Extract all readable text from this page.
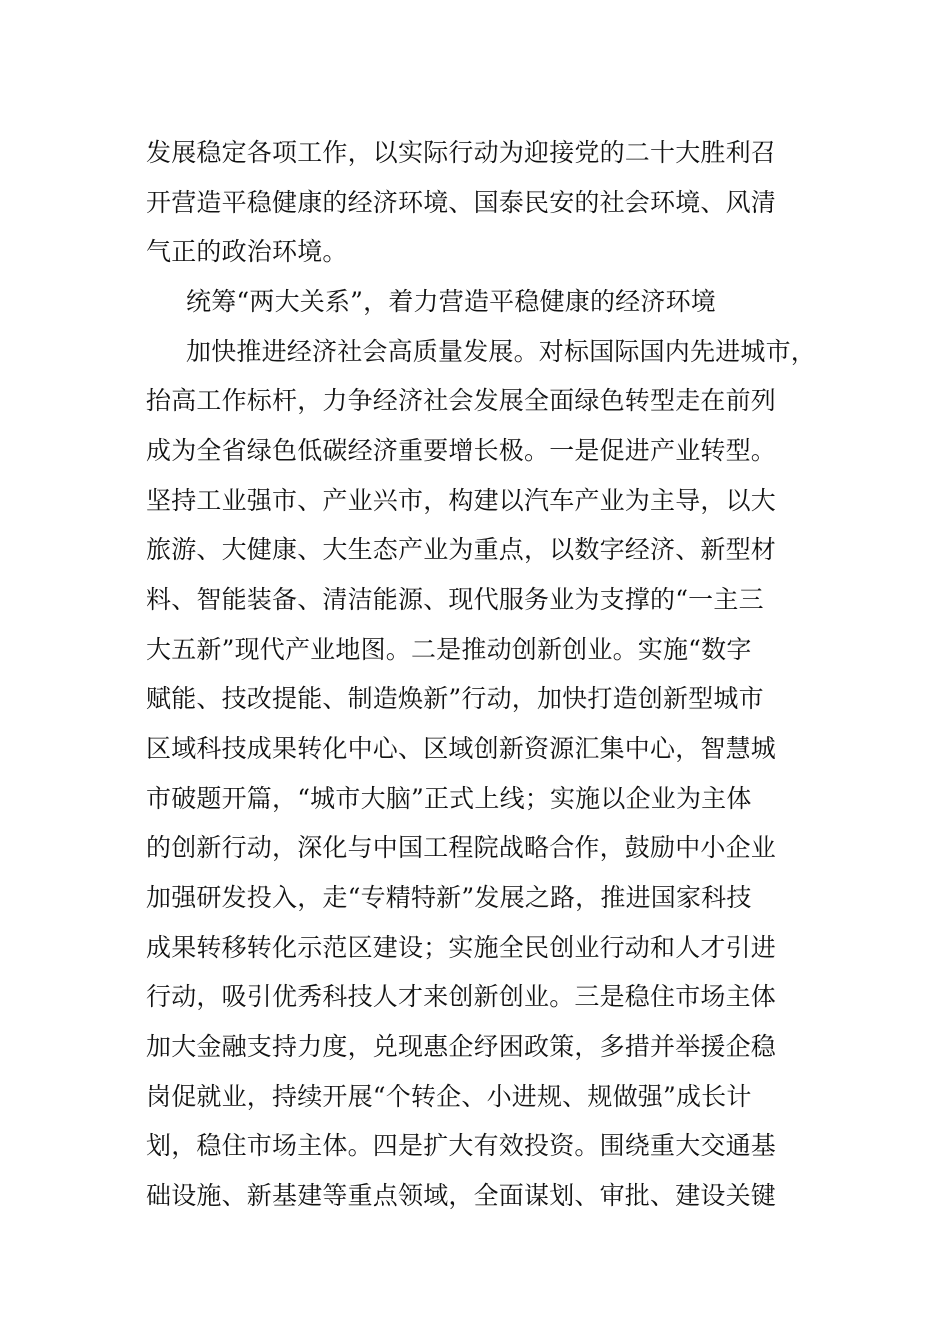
发展稳定各项工作，以实际行动为迎接党的二十大胜利召
开营造平稳健康的经济环境、国泰民安的社会环境、风清
气正的政治环境。
统筹“两大关系”，着力营造平稳健康的经济环境
加快推进经济社会高质量发展。对标国际国内先进城市，
抬高工作标杆，力争经济社会发展全面绿色转型走在前列
成为全省绿色低碳经济重要增长极。一是促进产业转型。
坚持工业强市、产业兴市，构建以汽车产业为主导，以大
旅游、大健康、大生态产业为重点，以数字经济、新型材
料、智能装备、清洁能源、现代服务业为支撑的“一主三
大五新”现代产业地图。二是推动创新创业。实施“数字
赋能、技改提能、制造焕新”行动，加快打造创新型城市
区域科技成果转化中心、区域创新资源汇集中心，智慧城
市破题开篇，“城市大脑”正式上线；实施以企业为主体
的创新行动，深化与中国工程院战略合作，鼓励中小企业
加强研发投入，走“专精特新”发展之路，推进国家科技
成果转移转化示范区建设；实施全民创业行动和人才引进
行动，吸引优秀科技人才来创新创业。三是稳住市场主体
加大金融支持力度，兑现惠企纾困政策，多措并举援企稳
岗促就业，持续开展“个转企、小进规、规做强”成长计
划，稳住市场主体。四是扩大有效投资。围绕重大交通基
础设施、新基建等重点领域，全面谋划、审批、建设关键
